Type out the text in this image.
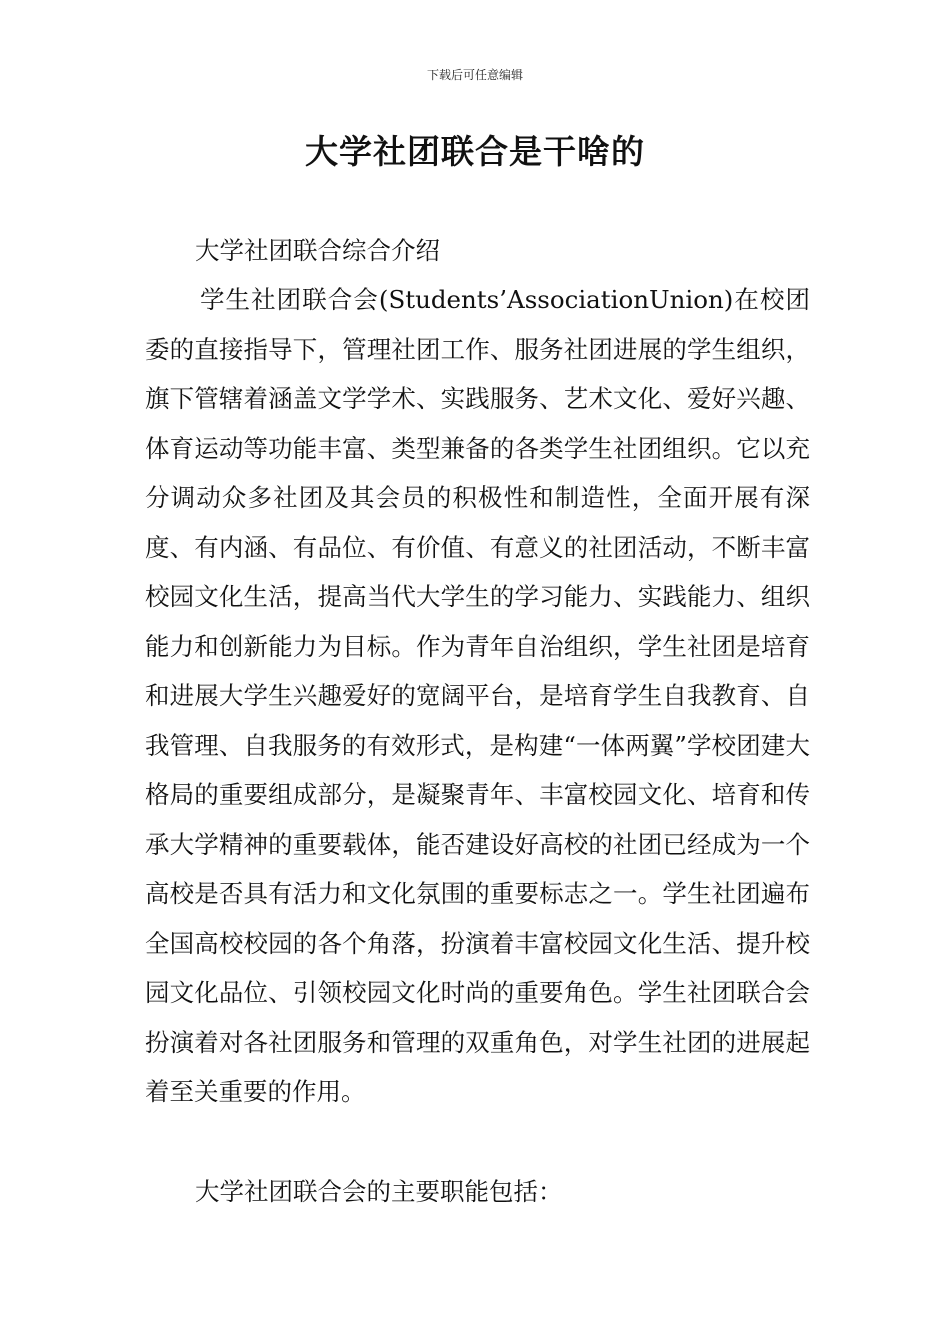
下载后可任意编辑
大学社团联合是干啥的

大学社团联合综合介绍

学生社团联合会(Students’AssociationUnion)在校团委的直接指导下，管理社团工作、服务社团进展的学生组织，旗下管辖着涵盖文学学术、实践服务、艺术文化、爱好兴趣、体育运动等功能丰富、类型兼备的各类学生社团组织。它以充分调动众多社团及其会员的积极性和制造性，全面开展有深度、有内涵、有品位、有价值、有意义的社团活动，不断丰富校园文化生活，提高当代大学生的学习能力、实践能力、组织能力和创新能力为目标。作为青年自治组织，学生社团是培育和进展大学生兴趣爱好的宽阔平台，是培育学生自我教育、自我管理、自我服务的有效形式，是构建“一体两翼”学校团建大格局的重要组成部分，是凝聚青年、丰富校园文化、培育和传承大学精神的重要载体，能否建设好高校的社团已经成为一个高校是否具有活力和文化氛围的重要标志之一。学生社团遍布全国高校校园的各个角落，扮演着丰富校园文化生活、提升校园文化品位、引领校园文化时尚的重要角色。学生社团联合会扮演着对各社团服务和管理的双重角色，对学生社团的进展起着至关重要的作用。

大学社团联合会的主要职能包括：
